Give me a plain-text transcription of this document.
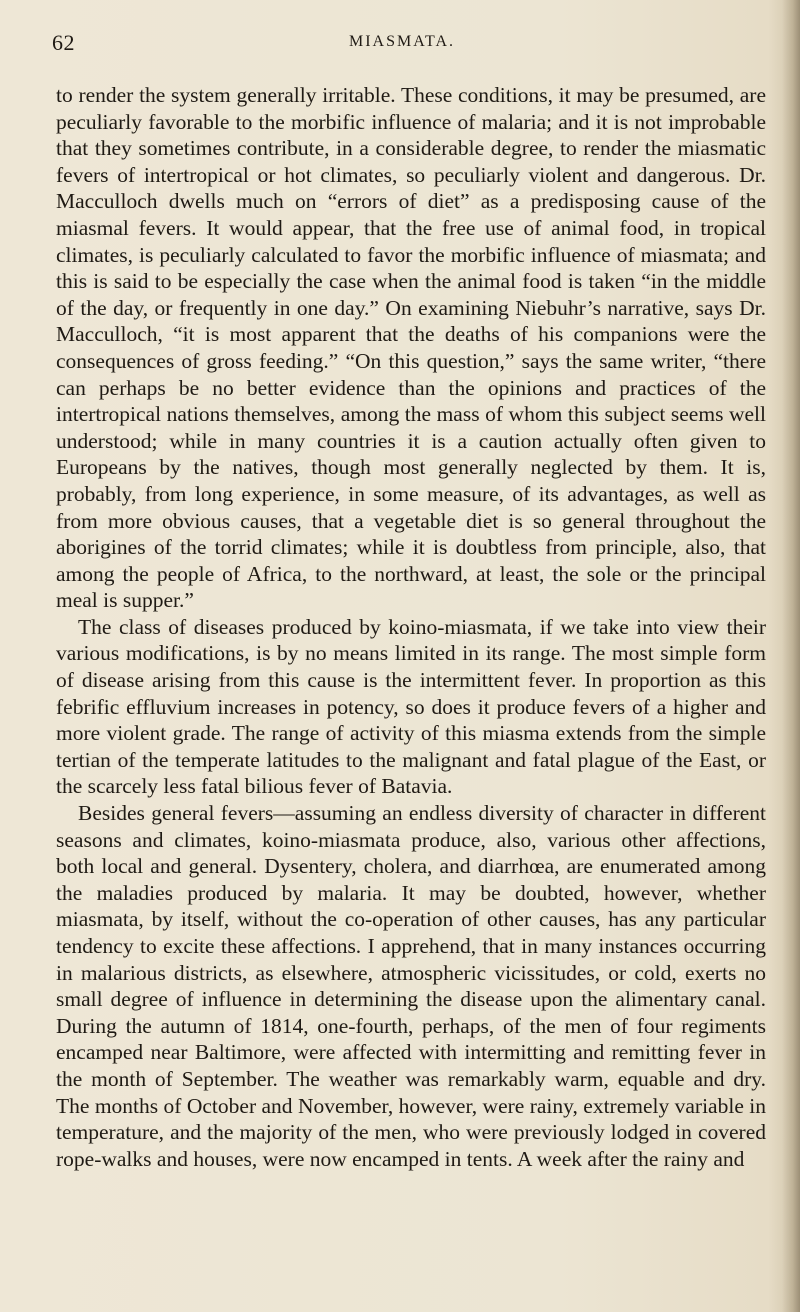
62	MIASMATA.

to render the system generally irritable. These conditions, it may be presumed, are peculiarly favorable to the morbific influence of malaria; and it is not improbable that they sometimes contribute, in a considerable degree, to render the miasmatic fevers of intertropical or hot climates, so peculiarly violent and dangerous. Dr. Macculloch dwells much on “errors of diet” as a predisposing cause of the miasmal fevers. It would appear, that the free use of animal food, in tropical climates, is peculiarly calculated to favor the morbific influence of miasmata; and this is said to be especially the case when the animal food is taken “in the middle of the day, or frequently in one day.” On examining Niebuhr’s narrative, says Dr. Macculloch, “it is most apparent that the deaths of his companions were the consequences of gross feeding.” “On this question,” says the same writer, “there can perhaps be no better evidence than the opinions and practices of the intertropical nations themselves, among the mass of whom this subject seems well understood; while in many countries it is a caution actually often given to Europeans by the natives, though most generally neglected by them. It is, probably, from long experience, in some measure, of its advantages, as well as from more obvious causes, that a vegetable diet is so general throughout the aborigines of the torrid climates; while it is doubtless from principle, also, that among the people of Africa, to the northward, at least, the sole or the principal meal is supper.”

The class of diseases produced by koino-miasmata, if we take into view their various modifications, is by no means limited in its range. The most simple form of disease arising from this cause is the intermittent fever. In proportion as this febrific effluvium increases in potency, so does it produce fevers of a higher and more violent grade. The range of activity of this miasma extends from the simple tertian of the temperate latitudes to the malignant and fatal plague of the East, or the scarcely less fatal bilious fever of Batavia.

Besides general fevers—assuming an endless diversity of character in different seasons and climates, koino-miasmata produce, also, various other affections, both local and general. Dysentery, cholera, and diarrhœa, are enumerated among the maladies produced by malaria. It may be doubted, however, whether miasmata, by itself, without the co-operation of other causes, has any particular tendency to excite these affections. I apprehend, that in many instances occurring in malarious districts, as elsewhere, atmospheric vicissitudes, or cold, exerts no small degree of influence in determining the disease upon the alimentary canal. During the autumn of 1814, one-fourth, perhaps, of the men of four regiments encamped near Baltimore, were affected with intermitting and remitting fever in the month of September. The weather was remarkably warm, equable and dry. The months of October and November, however, were rainy, extremely variable in temperature, and the majority of the men, who were previously lodged in covered rope-walks and houses, were now encamped in tents. A week after the rainy and
